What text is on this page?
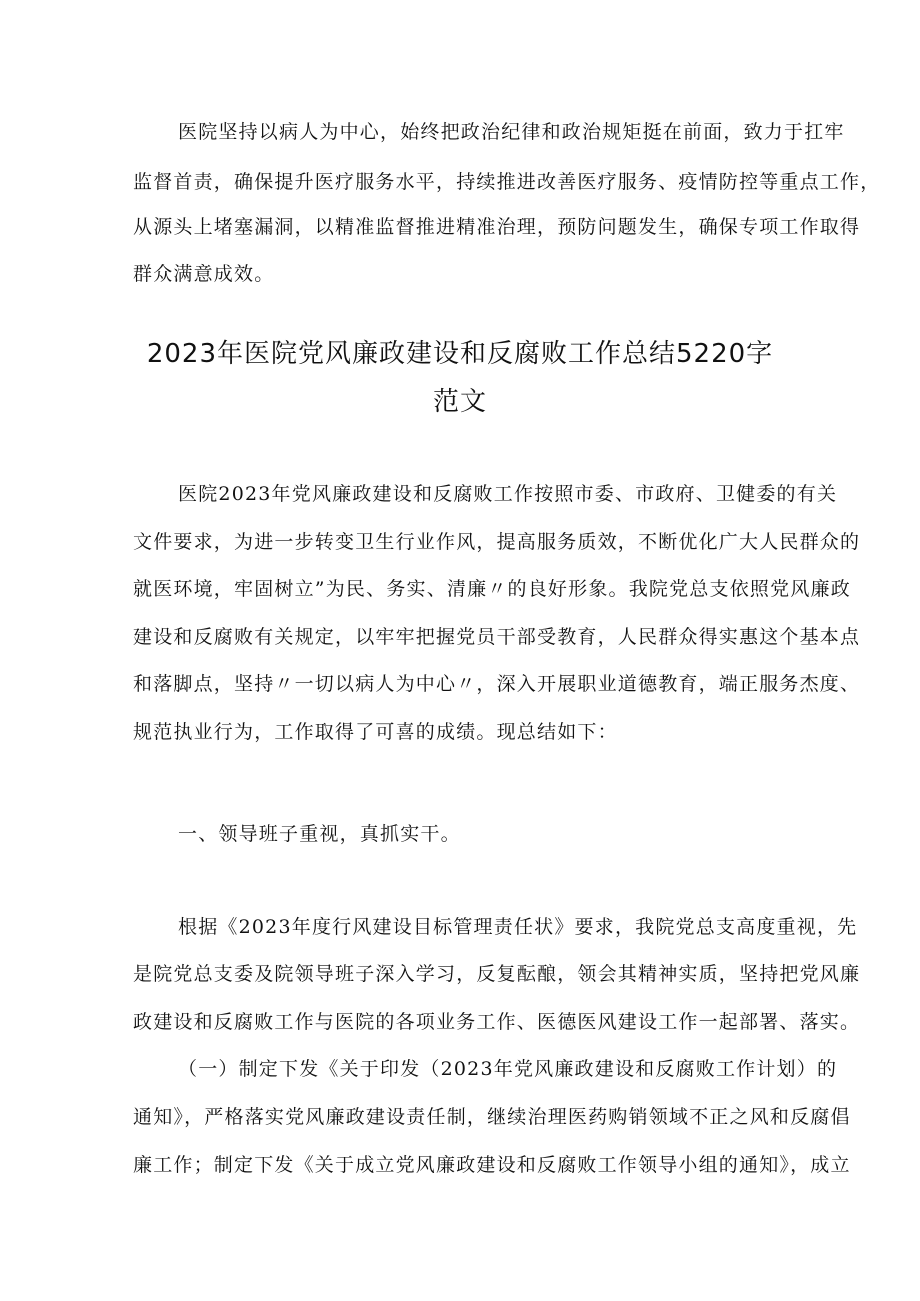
医院坚持以病人为中心，始终把政治纪律和政治规矩挺在前面，致力于扛牢
监督首责，确保提升医疗服务水平，持续推进改善医疗服务、疫情防控等重点工作，
从源头上堵塞漏洞，以精准监督推进精准治理，预防问题发生，确保专项工作取得
群众满意成效。
2023年医院党风廉政建设和反腐败工作总结5220字
范文
医院2023年党风廉政建设和反腐败工作按照市委、市政府、卫健委的有关
文件要求，为进一步转变卫生行业作风，提高服务质效，不断优化广大人民群众的
就医环境，牢固树立”为民、务实、清廉〃的良好形象。我院党总支依照党风廉政
建设和反腐败有关规定，以牢牢把握党员干部受教育，人民群众得实惠这个基本点
和落脚点，坚持〃一切以病人为中心〃，深入开展职业道德教育，端正服务杰度、
规范执业行为，工作取得了可喜的成绩。现总结如下：
一、领导班子重视，真抓实干。
根据《2023年度行风建设目标管理责任状》要求，我院党总支高度重视，先
是院党总支委及院领导班子深入学习，反复酝酿，领会其精神实质，坚持把党风廉
政建设和反腐败工作与医院的各项业务工作、医德医风建设工作一起部署、落实。
（一）制定下发《关于印发（2023年党风廉政建设和反腐败工作计划）的
通知》，严格落实党风廉政建设责任制，继续治理医药购销领域不正之风和反腐倡
廉工作；制定下发《关于成立党风廉政建设和反腐败工作领导小组的通知》，成立
